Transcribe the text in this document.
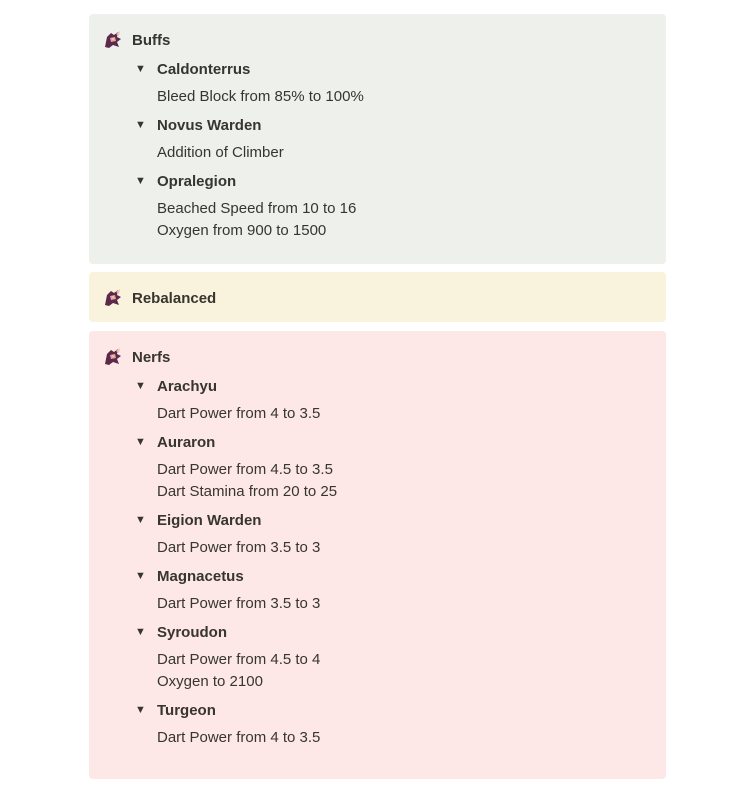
Buffs
▼ Caldonterrus
Bleed Block from 85% to 100%
▼ Novus Warden
Addition of Climber
▼ Opralegion
Beached Speed from 10 to 16
Oxygen from 900 to 1500
Rebalanced
Nerfs
▼ Arachyu
Dart Power from 4 to 3.5
▼ Auraron
Dart Power from 4.5 to 3.5
Dart Stamina from 20 to 25
▼ Eigion Warden
Dart Power from 3.5 to 3
▼ Magnacetus
Dart Power from 3.5 to 3
▼ Syroudon
Dart Power from 4.5 to 4
Oxygen to 2100
▼ Turgeon
Dart Power from 4 to 3.5
